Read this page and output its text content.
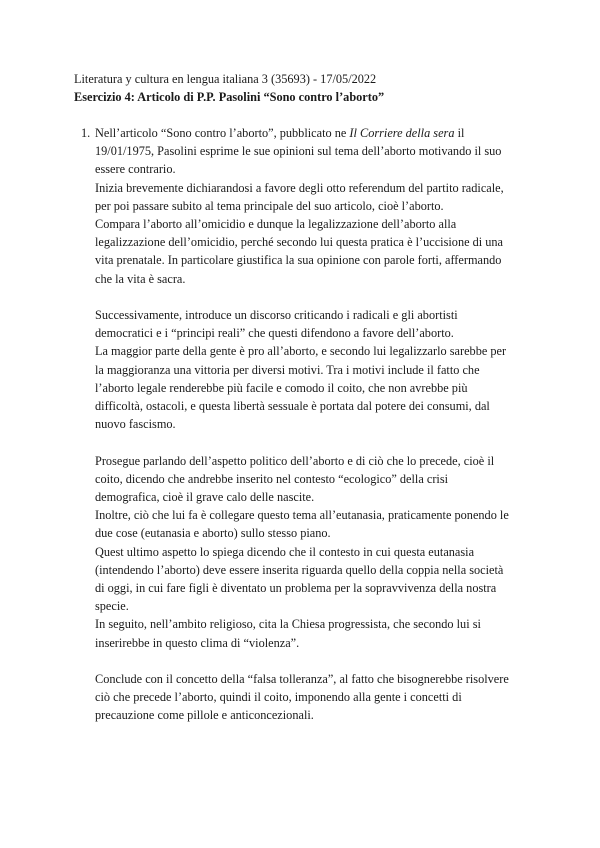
Literatura y cultura en lengua italiana 3 (35693) - 17/05/2022
Esercizio 4: Articolo di P.P. Pasolini “Sono contro l’aborto”
1. Nell’articolo “Sono contro l’aborto”, pubblicato ne Il Corriere della sera il 19/01/1975, Pasolini esprime le sue opinioni sul tema dell’aborto motivando il suo essere contrario.

Inizia brevemente dichiarandosi a favore degli otto referendum del partito radicale, per poi passare subito al tema principale del suo articolo, cioè l’aborto.

Compara l’aborto all’omicidio e dunque la legalizzazione dell’aborto alla legalizzazione dell’omicidio, perché secondo lui questa pratica è l’uccisione di una vita prenatale. In particolare giustifica la sua opinione con parole forti, affermando che la vita è sacra.

Successivamente, introduce un discorso criticando i radicali e gli abortisti democratici e i “principi reali” che questi difendono a favore dell’aborto.

La maggior parte della gente è pro all’aborto, e secondo lui legalizzarlo sarebbe per la maggioranza una vittoria per diversi motivi. Tra i motivi include il fatto che l’aborto legale renderebbe più facile e comodo il coito, che non avrebbe più difficoltà, ostacoli, e questa libertà sessuale è portata dal potere dei consumi, dal nuovo fascismo.

Prosegue parlando dell’aspetto politico dell’aborto e di ciò che lo precede, cioè il coito, dicendo che andrebbe inserito nel contesto “ecologico” della crisi demografica, cioè il grave calo delle nascite.

Inoltre, ciò che lui fa è collegare questo tema all’eutanasia, praticamente ponendo le due cose (eutanasia e aborto) sullo stesso piano.

Quest ultimo aspetto lo spiega dicendo che il contesto in cui questa eutanasia (intendendo l’aborto) deve essere inserita riguarda quello della coppia nella società di oggi, in cui fare figli è diventato un problema per la sopravvivenza della nostra specie.

In seguito, nell’ambito religioso, cita la Chiesa progressista, che secondo lui si inserirebbe in questo clima di “violenza”.

Conclude con il concetto della “falsa tolleranza”, al fatto che bisognerebbe risolvere ciò che precede l’aborto, quindi il coito, imponendo alla gente i concetti di precauzione come pillole e anticoncezionali.
